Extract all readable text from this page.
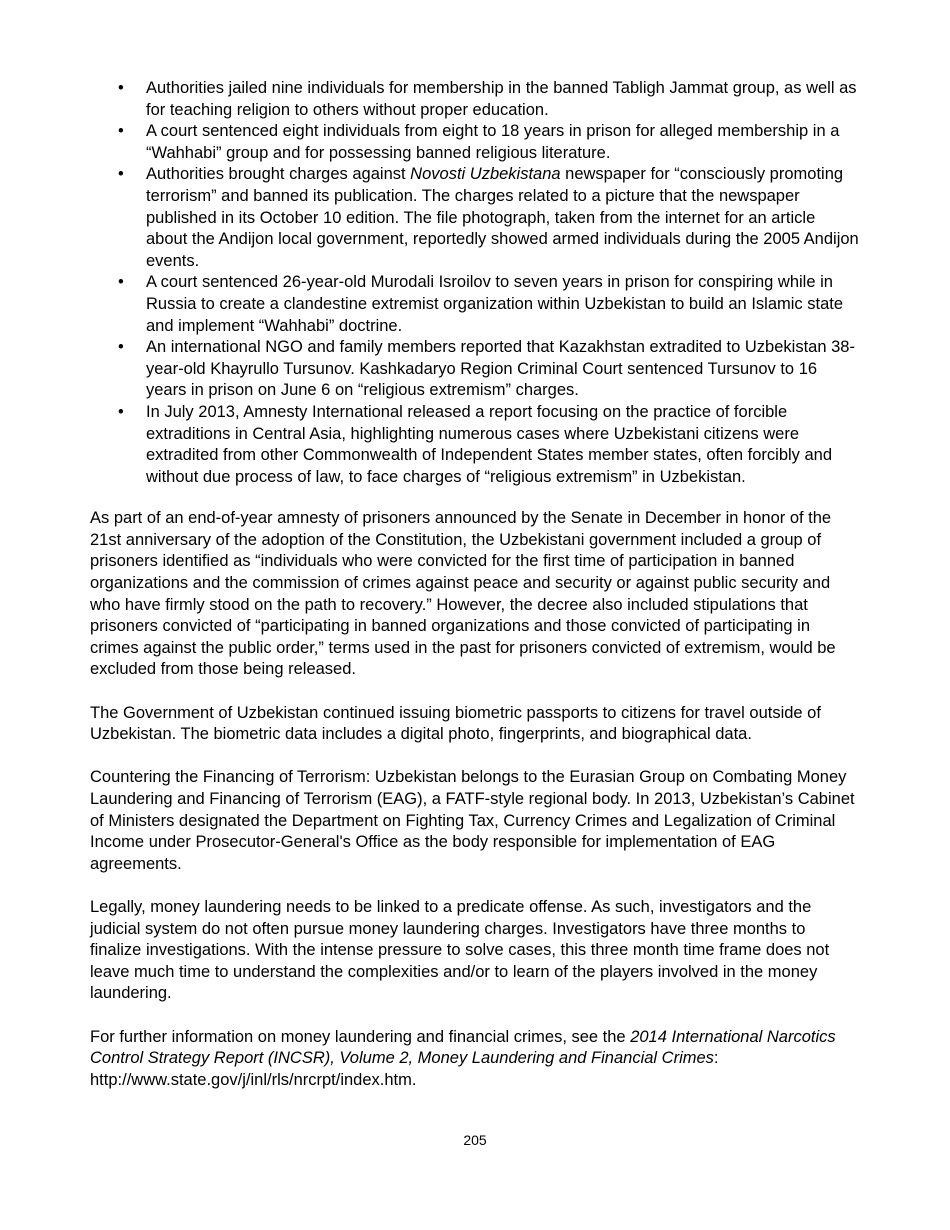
• Authorities jailed nine individuals for membership in the banned Tabligh Jammat group, as well as for teaching religion to others without proper education.
• A court sentenced eight individuals from eight to 18 years in prison for alleged membership in a “Wahhabi” group and for possessing banned religious literature.
• Authorities brought charges against Novosti Uzbekistana newspaper for “consciously promoting terrorism” and banned its publication. The charges related to a picture that the newspaper published in its October 10 edition. The file photograph, taken from the internet for an article about the Andijon local government, reportedly showed armed individuals during the 2005 Andijon events.
• A court sentenced 26-year-old Murodali Isroilov to seven years in prison for conspiring while in Russia to create a clandestine extremist organization within Uzbekistan to build an Islamic state and implement “Wahhabi” doctrine.
• An international NGO and family members reported that Kazakhstan extradited to Uzbekistan 38-year-old Khayrullo Tursunov. Kashkadaryo Region Criminal Court sentenced Tursunov to 16 years in prison on June 6 on “religious extremism” charges.
• In July 2013, Amnesty International released a report focusing on the practice of forcible extraditions in Central Asia, highlighting numerous cases where Uzbekistani citizens were extradited from other Commonwealth of Independent States member states, often forcibly and without due process of law, to face charges of “religious extremism” in Uzbekistan.

As part of an end-of-year amnesty of prisoners announced by the Senate in December in honor of the 21st anniversary of the adoption of the Constitution, the Uzbekistani government included a group of prisoners identified as “individuals who were convicted for the first time of participation in banned organizations and the commission of crimes against peace and security or against public security and who have firmly stood on the path to recovery.” However, the decree also included stipulations that prisoners convicted of “participating in banned organizations and those convicted of participating in crimes against the public order,” terms used in the past for prisoners convicted of extremism, would be excluded from those being released.

The Government of Uzbekistan continued issuing biometric passports to citizens for travel outside of Uzbekistan. The biometric data includes a digital photo, fingerprints, and biographical data.

Countering the Financing of Terrorism: Uzbekistan belongs to the Eurasian Group on Combating Money Laundering and Financing of Terrorism (EAG), a FATF-style regional body. In 2013, Uzbekistan’s Cabinet of Ministers designated the Department on Fighting Tax, Currency Crimes and Legalization of Criminal Income under Prosecutor-General's Office as the body responsible for implementation of EAG agreements.

Legally, money laundering needs to be linked to a predicate offense. As such, investigators and the judicial system do not often pursue money laundering charges. Investigators have three months to finalize investigations. With the intense pressure to solve cases, this three month time frame does not leave much time to understand the complexities and/or to learn of the players involved in the money laundering.

For further information on money laundering and financial crimes, see the 2014 International Narcotics Control Strategy Report (INCSR), Volume 2, Money Laundering and Financial Crimes: http://www.state.gov/j/inl/rls/nrcrpt/index.htm.

205
